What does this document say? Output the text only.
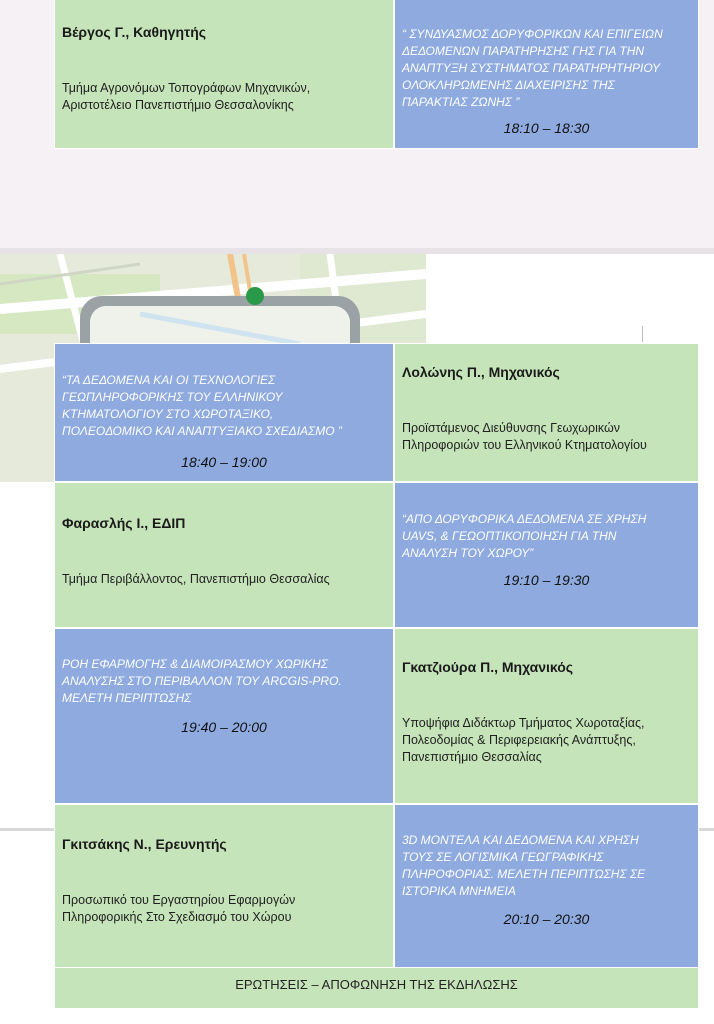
Βέργος Γ., Καθηγητής
Τμήμα Αγρονόμων Τοπογράφων Μηχανικών,
Αριστοτέλειο Πανεπιστήμιο Θεσσαλονίκης
“ ΣΥΝΔΥΑΣΜΟΣ ΔΟΡΥΦΟΡΙΚΩΝ ΚΑΙ ΕΠΙΓΕΙΩΝ
ΔΕΔΟΜΕΝΩΝ ΠΑΡΑΤΗΡΗΣΗΣ ΓΗΣ ΓΙΑ ΤΗΝ
ΑΝΑΠΤΥΞΗ ΣΥΣΤΗΜΑΤΟΣ ΠΑΡΑΤΗΡΗΤΗΡΙΟΥ
ΟΛΟΚΛΗΡΩΜΕΝΗΣ ΔΙΑΧΕΙΡΙΣΗΣ ΤΗΣ
ΠΑΡΑΚΤΙΑΣ ΖΩΝΗΣ ”
18:10 – 18:30
“ΤΑ ΔΕΔΟΜΕΝΑ ΚΑΙ ΟΙ ΤΕΧΝΟΛΟΓΙΕΣ
ΓΕΩΠΛΗΡΟΦΟΡΙΚΗΣ ΤΟΥ ΕΛΛΗΝΙΚΟΥ
ΚΤΗΜΑΤΟΛΟΓΙΟΥ ΣΤΟ ΧΩΡΟΤΑΞΙΚΟ,
ΠΟΛΕΟΔΟΜΙΚΟ ΚΑΙ ΑΝΑΠΤΥΞΙΑΚΟ ΣΧΕΔΙΑΣΜΟ ”
18:40 – 19:00
Λολώνης Π., Μηχανικός
Προϊστάμενος Διεύθυνσης Γεωχωρικών
Πληροφοριών του Ελληνικού Κτηματολογίου
Φαρασλής Ι., ΕΔΙΠ
Τμήμα Περιβάλλοντος, Πανεπιστήμιο Θεσσαλίας
“ΑΠΟ ΔΟΡΥΦΟΡΙΚΑ ΔΕΔΟΜΕΝΑ ΣΕ ΧΡΗΣΗ
UAVS, & ΓΕΩΟΠΤΙΚΟΠΟΙΗΣΗ ΓΙΑ ΤΗΝ
ΑΝΑΛΥΣΗ ΤΟΥ ΧΩΡΟΥ”
19:10 – 19:30
ΡΟΗ ΕΦΑΡΜΟΓΗΣ & ΔΙΑΜΟΙΡΑΣΜΟΥ ΧΩΡΙΚΗΣ
ΑΝΑΛΥΣΗΣ ΣΤΟ ΠΕΡΙΒΑΛΛΟΝ ΤΟΥ ARCGIS-PRO.
ΜΕΛΕΤΗ ΠΕΡΙΠΤΩΣΗΣ
19:40 – 20:00
Γκατζιούρα Π., Μηχανικός
Υποψήφια Διδάκτωρ Τμήματος Χωροταξίας,
Πολεοδομίας & Περιφερειακής Ανάπτυξης,
Πανεπιστήμιο Θεσσαλίας
Γκιτσάκης Ν., Ερευνητής
Προσωπικό του Εργαστηρίου Εφαρμογών
Πληροφορικής Στο Σχεδιασμό του Χώρου
3D ΜΟΝΤΕΛΑ ΚΑΙ ΔΕΔΟΜΕΝΑ ΚΑΙ ΧΡΗΣΗ
ΤΟΥΣ ΣΕ ΛΟΓΙΣΜΙΚΑ ΓΕΩΓΡΑΦΙΚΗΣ
ΠΛΗΡΟΦΟΡΙΑΣ. ΜΕΛΕΤΗ ΠΕΡΙΠΤΩΣΗΣ ΣΕ
ΙΣΤΟΡΙΚΑ ΜΝΗΜΕΙΑ
20:10 – 20:30
ΕΡΩΤΗΣΕΙΣ – ΑΠΟΦΩΝΗΣΗ ΤΗΣ ΕΚΔΗΛΩΣΗΣ
